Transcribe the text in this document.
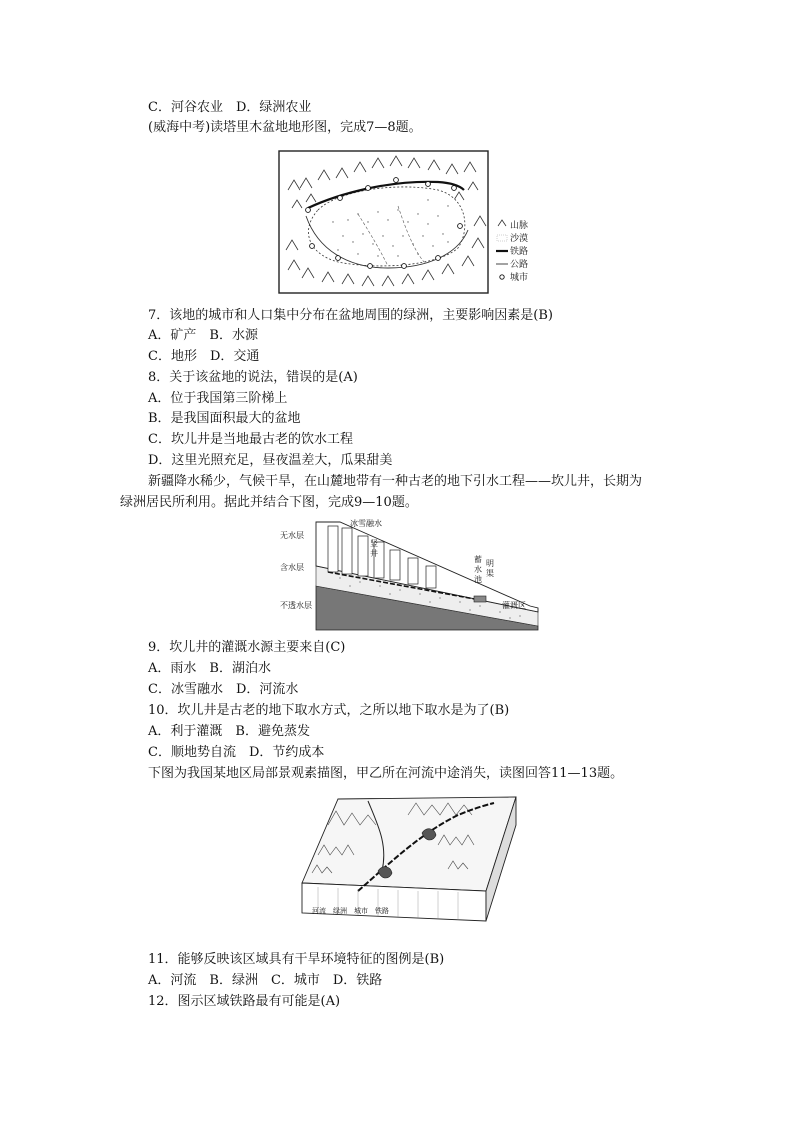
C．河谷农业　D．绿洲农业
(威海中考)读塔里木盆地地形图，完成7—8题。
山脉
沙漠
铁路
公路
城市
7．该地的城市和人口集中分布在盆地周围的绿洲，主要影响因素是(B)
A．矿产　B．水源
C．地形　D．交通
8．关于该盆地的说法，错误的是(A)
A．位于我国第三阶梯上
B．是我国面积最大的盆地
C．坎儿井是当地最古老的饮水工程
D．这里光照充足，昼夜温差大，瓜果甜美
新疆降水稀少，气候干旱，在山麓地带有一种古老的地下引水工程——坎儿井，长期为
绿洲居民所利用。据此并结合下图，完成9—10题。
冰雪融水
竖
井
无水层
含水层
不透水层
蓄
水
池
明
渠
灌溉区
9．坎儿井的灌溉水源主要来自(C)
A．雨水　B．湖泊水
C．冰雪融水　D．河流水
10．坎儿井是古老的地下取水方式，之所以地下取水是为了(B)
A．利于灌溉　B．避免蒸发
C．顺地势自流　D．节约成本
下图为我国某地区局部景观素描图，甲乙所在河流中途消失，读图回答11—13题。
河流　绿洲　城市　铁路
11．能够反映该区域具有干旱环境特征的图例是(B)
A．河流　B．绿洲　C．城市　D．铁路
12．图示区域铁路最有可能是(A)
